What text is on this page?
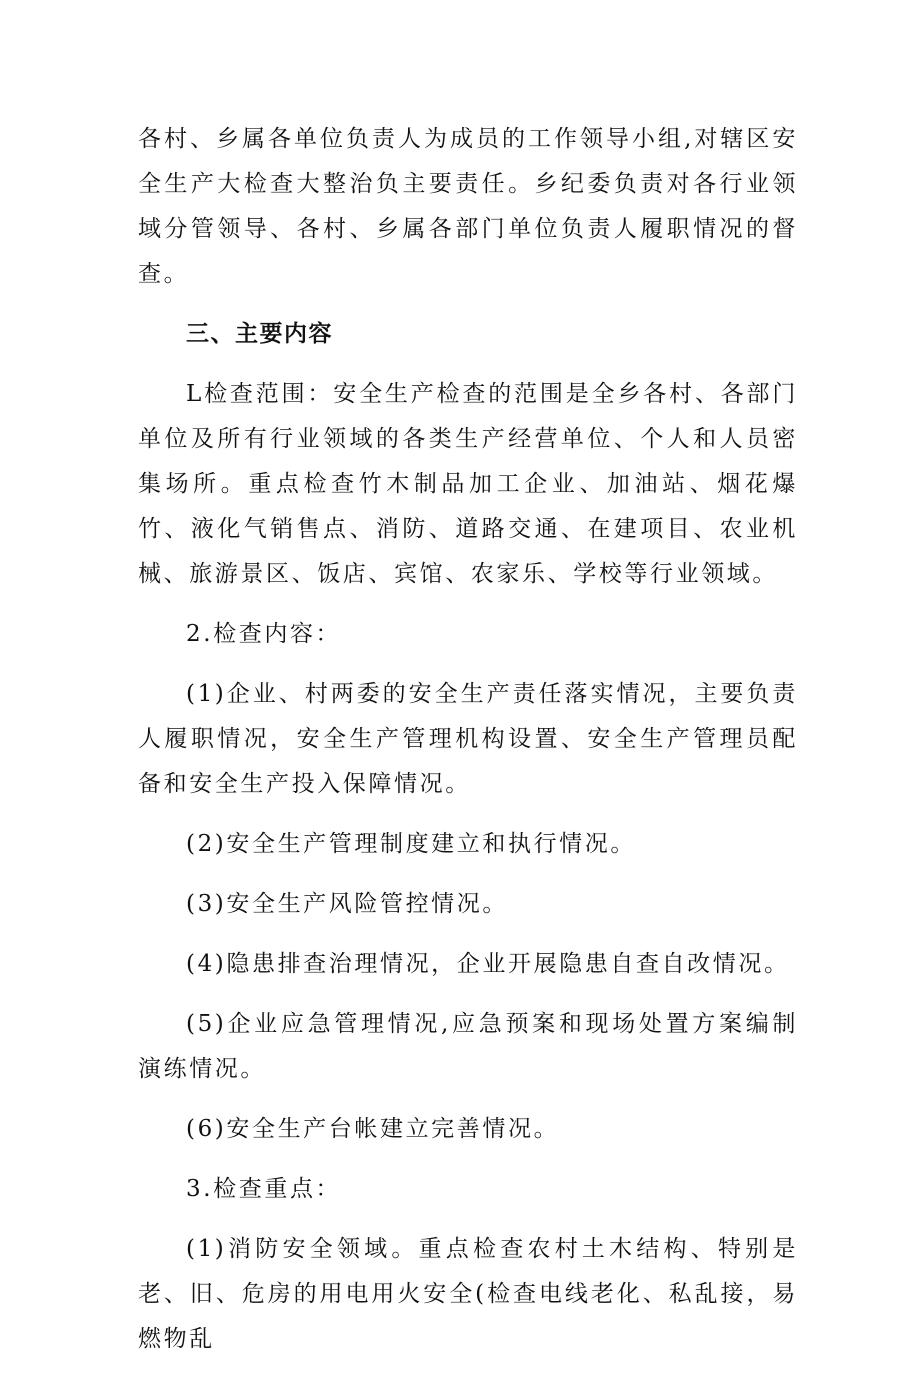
各村、乡属各单位负责人为成员的工作领导小组,对辖区安全生产大检查大整治负主要责任。乡纪委负责对各行业领域分管领导、各村、乡属各部门单位负责人履职情况的督查。

三、主要内容

L检查范围：安全生产检查的范围是全乡各村、各部门单位及所有行业领域的各类生产经营单位、个人和人员密集场所。重点检查竹木制品加工企业、加油站、烟花爆竹、液化气销售点、消防、道路交通、在建项目、农业机械、旅游景区、饭店、宾馆、农家乐、学校等行业领域。

2.检查内容：

(1)企业、村两委的安全生产责任落实情况，主要负责人履职情况，安全生产管理机构设置、安全生产管理员配备和安全生产投入保障情况。

(2)安全生产管理制度建立和执行情况。

(3)安全生产风险管控情况。

(4)隐患排查治理情况，企业开展隐患自查自改情况。

(5)企业应急管理情况,应急预案和现场处置方案编制演练情况。

(6)安全生产台帐建立完善情况。

3.检查重点：

(1)消防安全领域。重点检查农村土木结构、特别是老、旧、危房的用电用火安全(检查电线老化、私乱接，易燃物乱
